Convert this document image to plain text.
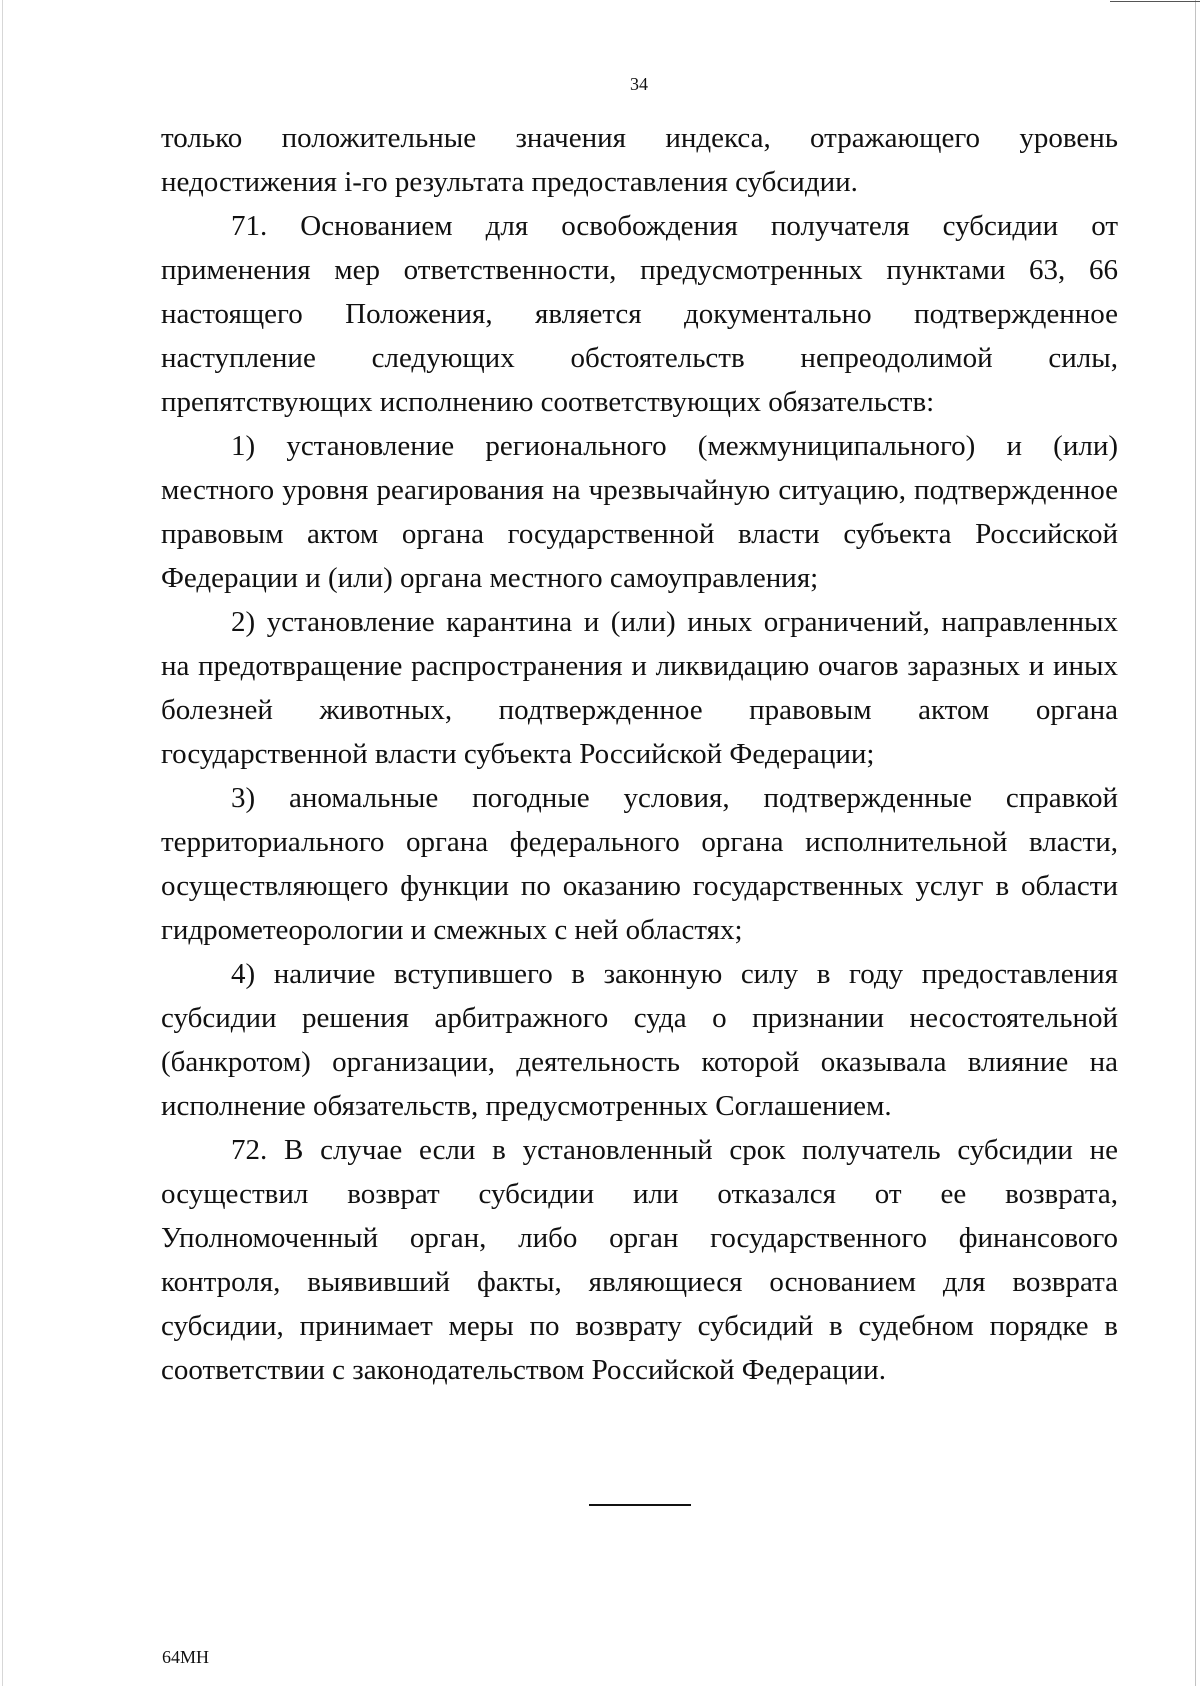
34

только положительные значения индекса, отражающего уровень недостижения i-го результата предоставления субсидии.

71. Основанием для освобождения получателя субсидии от применения мер ответственности, предусмотренных пунктами 63, 66 настоящего Положения, является документально подтвержденное наступление следующих обстоятельств непреодолимой силы, препятствующих исполнению соответствующих обязательств:

1) установление регионального (межмуниципального) и (или) местного уровня реагирования на чрезвычайную ситуацию, подтвержденное правовым актом органа государственной власти субъекта Российской Федерации и (или) органа местного самоуправления;

2) установление карантина и (или) иных ограничений, направленных на предотвращение распространения и ликвидацию очагов заразных и иных болезней животных, подтвержденное правовым актом органа государственной власти субъекта Российской Федерации;

3) аномальные погодные условия, подтвержденные справкой территориального органа федерального органа исполнительной власти, осуществляющего функции по оказанию государственных услуг в области гидрометеорологии и смежных с ней областях;

4) наличие вступившего в законную силу в году предоставления субсидии решения арбитражного суда о признании несостоятельной (банкротом) организации, деятельность которой оказывала влияние на исполнение обязательств, предусмотренных Соглашением.

72. В случае если в установленный срок получатель субсидии не осуществил возврат субсидии или отказался от ее возврата, Уполномоченный орган, либо орган государственного финансового контроля, выявивший факты, являющиеся основанием для возврата субсидии, принимает меры по возврату субсидий в судебном порядке в соответствии с законодательством Российской Федерации.

64МН
